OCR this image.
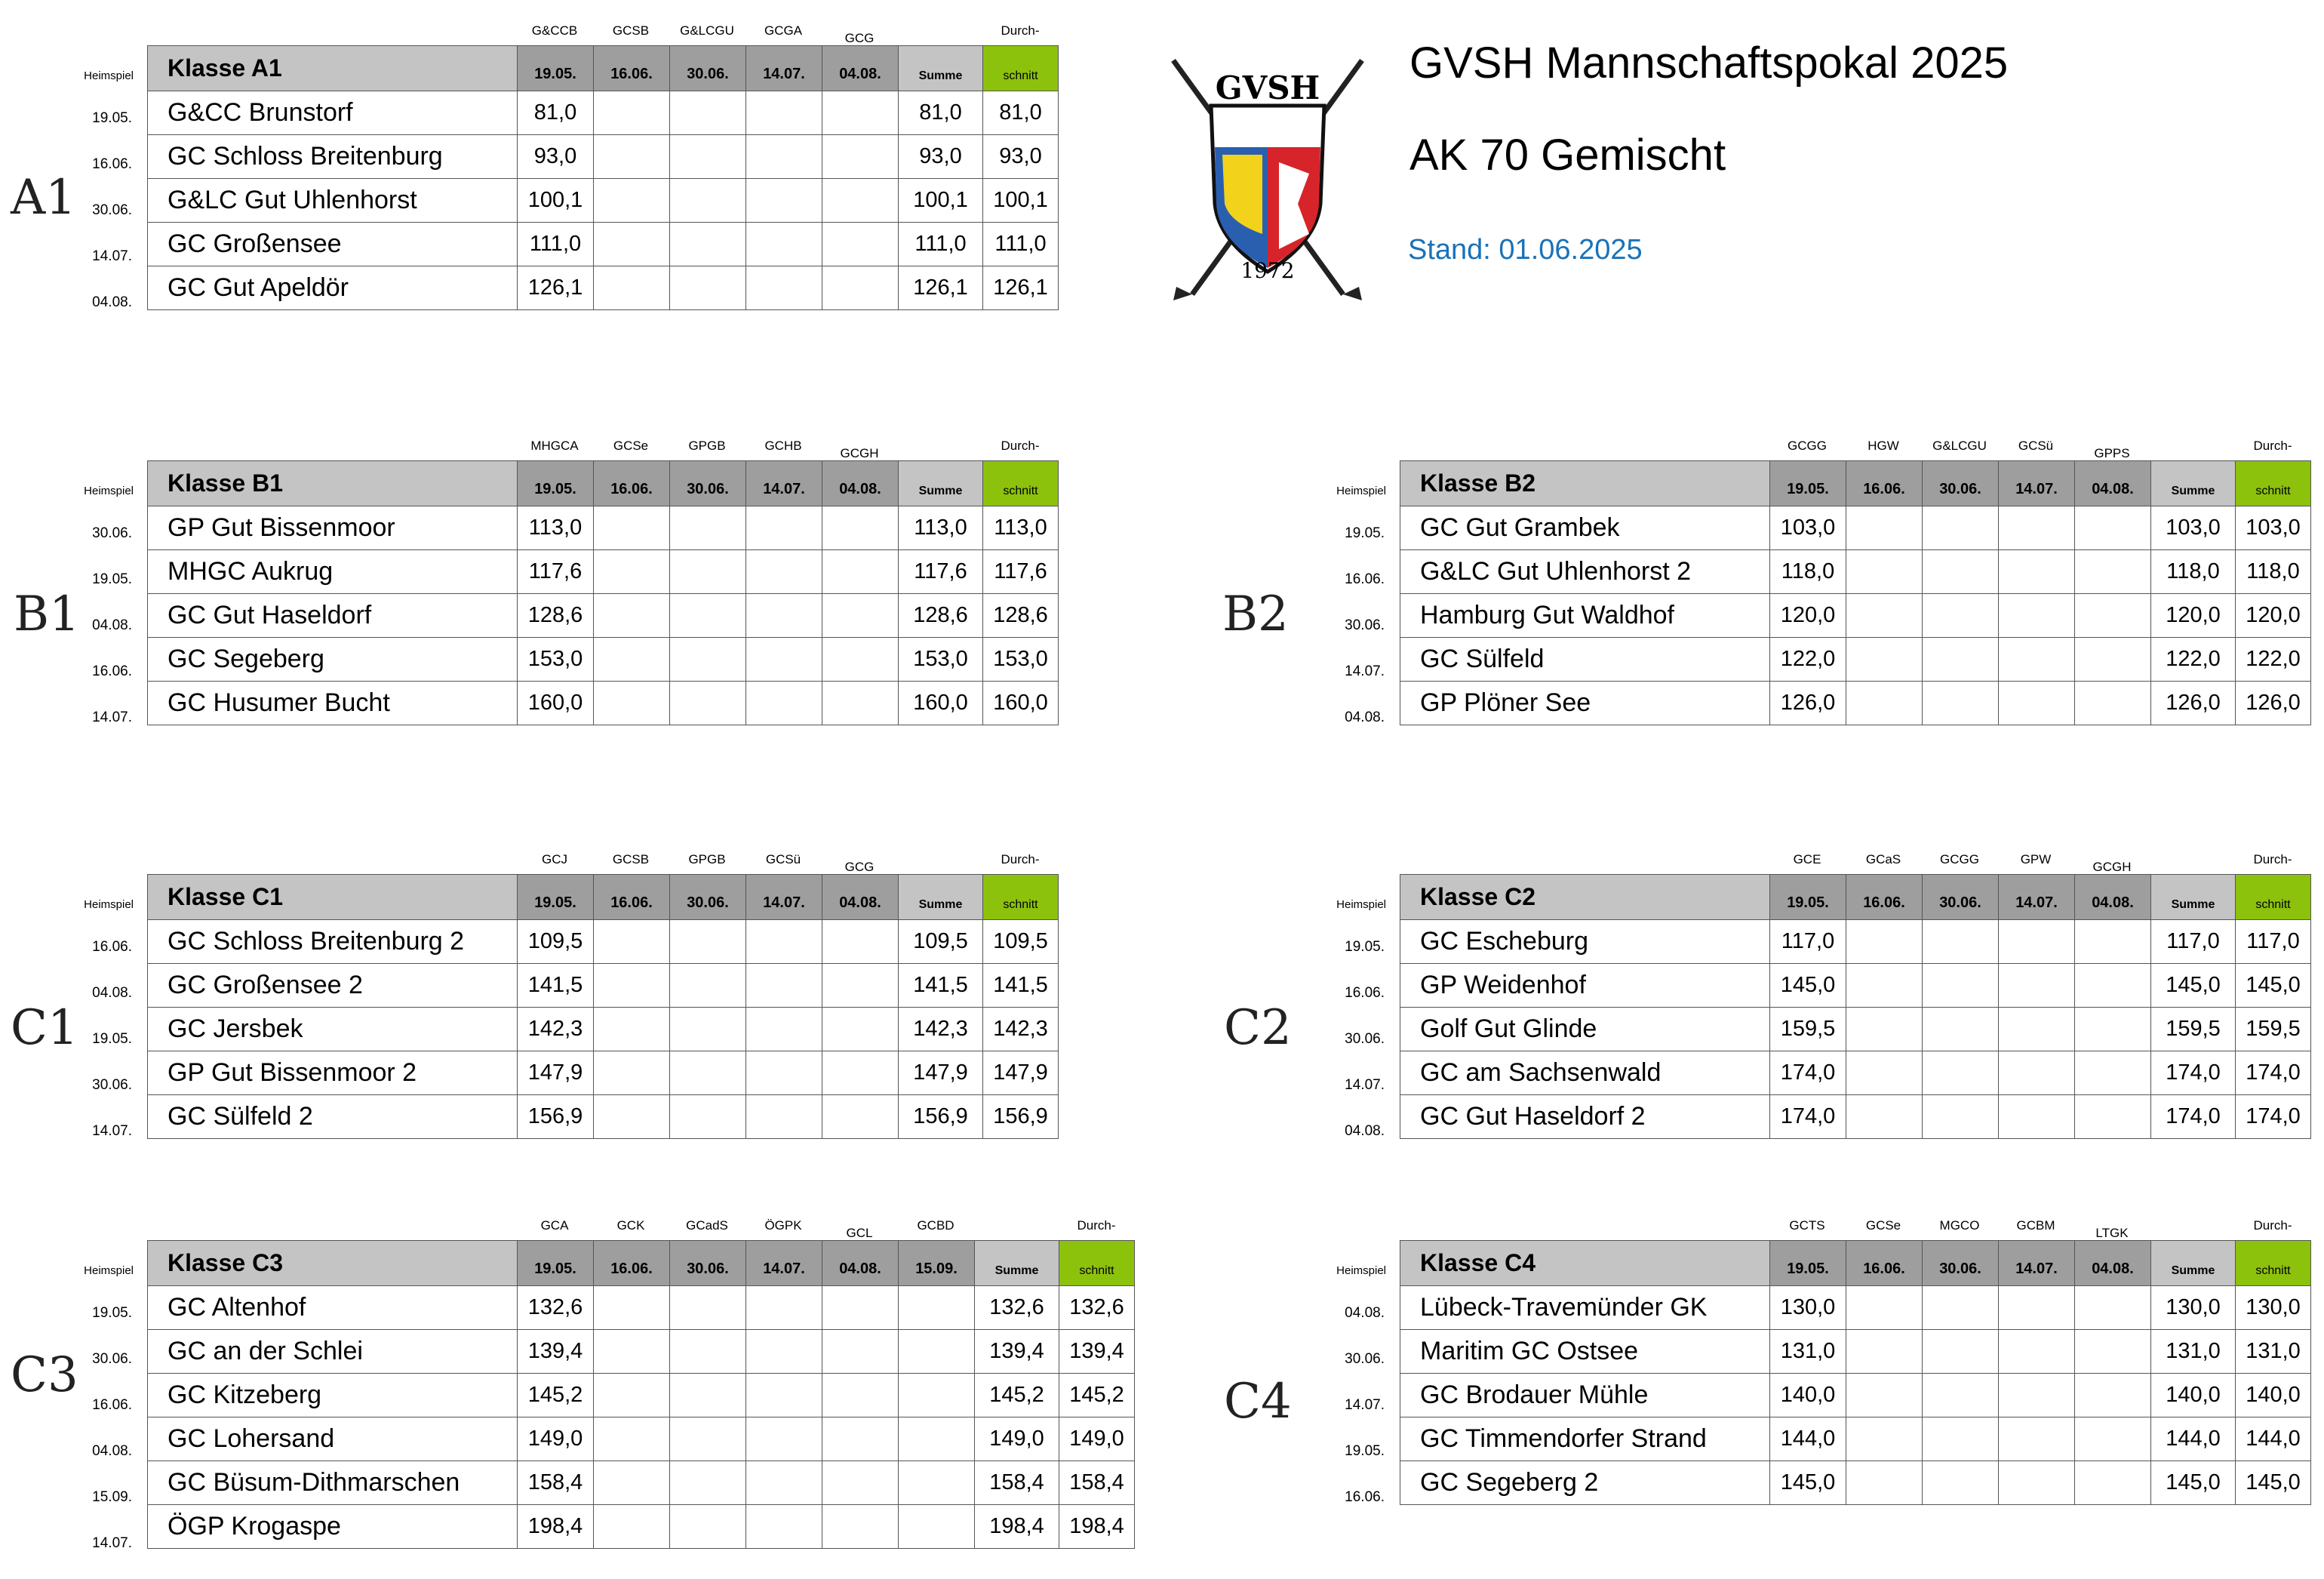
GVSH
1972
GVSH Mannschaftspokal 2025
AK 70 Gemischt
Stand: 01.06.2025
A1
G&CCB	GCSB	G&LCGU	GCGA
GCG
Durch-
Heimspiel
19.05.
16.06.
30.06.
14.07.
04.08.
Klasse A1	19.05.	16.06.	30.06.	14.07.	04.08.	Summe	schnitt
G&CC Brunstorf	81,0					81,0	81,0
GC Schloss Breitenburg	93,0					93,0	93,0
G&LC Gut Uhlenhorst	100,1					100,1	100,1
GC Großensee	111,0					111,0	111,0
GC Gut Apeldör	126,1					126,1	126,1
B1
MHGCA	GCSe	GPGB	GCHB
GCGH
Durch-
Heimspiel
30.06.
19.05.
04.08.
16.06.
14.07.
Klasse B1	19.05.	16.06.	30.06.	14.07.	04.08.	Summe	schnitt
GP Gut Bissenmoor	113,0					113,0	113,0
MHGC Aukrug	117,6					117,6	117,6
GC Gut Haseldorf	128,6					128,6	128,6
GC Segeberg	153,0					153,0	153,0
GC Husumer Bucht	160,0					160,0	160,0
B2
GCGG	HGW	G&LCGU	GCSü
GPPS
Durch-
Heimspiel
19.05.
16.06.
30.06.
14.07.
04.08.
Klasse B2	19.05.	16.06.	30.06.	14.07.	04.08.	Summe	schnitt
GC Gut Grambek	103,0					103,0	103,0
G&LC Gut Uhlenhorst 2	118,0					118,0	118,0
Hamburg Gut Waldhof	120,0					120,0	120,0
GC Sülfeld	122,0					122,0	122,0
GP Plöner See	126,0					126,0	126,0
C1
GCJ	GCSB	GPGB	GCSü
GCG
Durch-
Heimspiel
16.06.
04.08.
19.05.
30.06.
14.07.
Klasse C1	19.05.	16.06.	30.06.	14.07.	04.08.	Summe	schnitt
GC Schloss Breitenburg 2	109,5					109,5	109,5
GC Großensee 2	141,5					141,5	141,5
GC Jersbek	142,3					142,3	142,3
GP Gut Bissenmoor 2	147,9					147,9	147,9
GC Sülfeld 2	156,9					156,9	156,9
C2
GCE	GCaS	GCGG	GPW
GCGH
Durch-
Heimspiel
19.05.
16.06.
30.06.
14.07.
04.08.
Klasse C2	19.05.	16.06.	30.06.	14.07.	04.08.	Summe	schnitt
GC Escheburg	117,0					117,0	117,0
GP Weidenhof	145,0					145,0	145,0
Golf Gut Glinde	159,5					159,5	159,5
GC am Sachsenwald	174,0					174,0	174,0
GC Gut Haseldorf 2	174,0					174,0	174,0
C3
GCA	GCK	GCadS	ÖGPK
GCL
GCBD	Durch-
Heimspiel
19.05.
30.06.
16.06.
04.08.
15.09.
14.07.
Klasse C3	19.05.	16.06.	30.06.	14.07.	04.08.	15.09.	Summe	schnitt
GC Altenhof	132,6						132,6	132,6
GC an der Schlei	139,4						139,4	139,4
GC Kitzeberg	145,2						145,2	145,2
GC Lohersand	149,0						149,0	149,0
GC Büsum-Dithmarschen	158,4						158,4	158,4
ÖGP Krogaspe	198,4						198,4	198,4
C4
GCTS	GCSe	MGCO	GCBM
LTGK
Durch-
Heimspiel
04.08.
30.06.
14.07.
19.05.
16.06.
Klasse C4	19.05.	16.06.	30.06.	14.07.	04.08.	Summe	schnitt
Lübeck-Travemünder GK	130,0					130,0	130,0
Maritim GC Ostsee	131,0					131,0	131,0
GC Brodauer Mühle	140,0					140,0	140,0
GC Timmendorfer Strand	144,0					144,0	144,0
GC Segeberg 2	145,0					145,0	145,0
